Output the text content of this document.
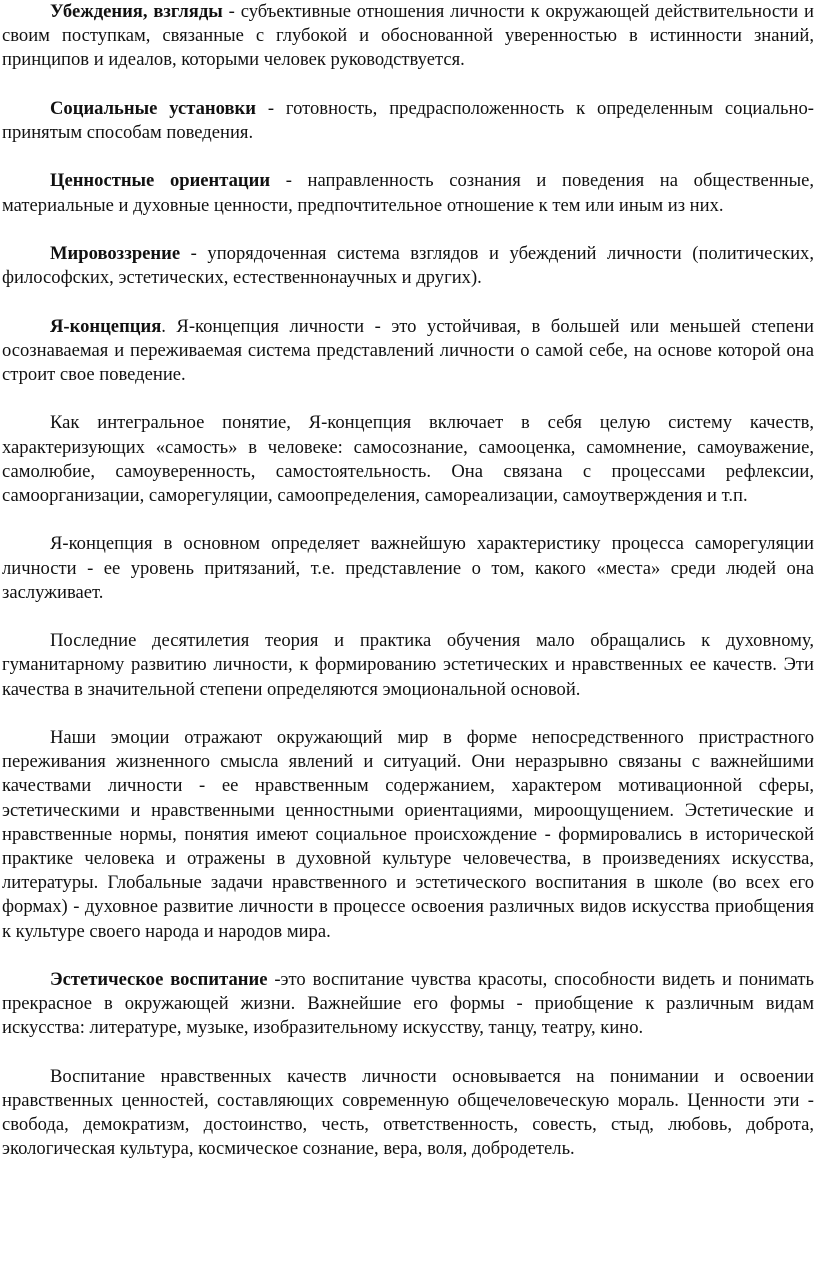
Убеждения, взгляды - субъективные отношения личности к окружающей действительности и своим поступкам, связанные с глубокой и обоснованной уверенностью в истинности знаний, принципов и идеалов, которыми человек руководствуется.

Социальные установки - готовность, предрасположенность к определенным социально-принятым способам поведения.

Ценностные ориентации - направленность сознания и поведения на общественные, материальные и духовные ценности, предпочтительное отношение к тем или иным из них.

Мировоззрение - упорядоченная система взглядов и убеждений личности (политических, философских, эстетических, естественнонаучных и других).

Я-концепция. Я-концепция личности - это устойчивая, в большей или меньшей степени осознаваемая и переживаемая система представлений личности о самой себе, на основе которой она строит свое поведение.

Как интегральное понятие, Я-концепция включает в себя целую систему качеств, характеризующих «самость» в человеке: самосознание, самооценка, самомнение, самоуважение, самолюбие, самоуверенность, самостоятельность. Она связана с процессами рефлексии, самоорганизации, саморегуляции, самоопределения, самореализации, самоутверждения и т.п.

Я-концепция в основном определяет важнейшую характеристику процесса саморегуляции личности - ее уровень притязаний, т.е. представление о том, какого «места» среди людей она заслуживает.

Последние десятилетия теория и практика обучения мало обращались к духовному, гуманитарному развитию личности, к формированию эстетических и нравственных ее качеств. Эти качества в значительной степени определяются эмоциональной основой.

Наши эмоции отражают окружающий мир в форме непосредственного пристрастного переживания жизненного смысла явлений и ситуаций. Они неразрывно связаны с важнейшими качествами личности - ее нравственным содержанием, характером мотивационной сферы, эстетическими и нравственными ценностными ориентациями, мироощущением. Эстетические и нравственные нормы, понятия имеют социальное происхождение - формировались в исторической практике человека и отражены в духовной культуре человечества, в произведениях искусства, литературы. Глобальные задачи нравственного и эстетического воспитания в школе (во всех его формах) - духовное развитие личности в процессе освоения различных видов искусства приобщения к культуре своего народа и народов мира.

Эстетическое воспитание -это воспитание чувства красоты, способности видеть и понимать прекрасное в окружающей жизни. Важнейшие его формы - приобщение к различным видам искусства: литературе, музыке, изобразительному искусству, танцу, театру, кино.

Воспитание нравственных качеств личности основывается на понимании и освоении нравственных ценностей, составляющих современную общечеловеческую мораль. Ценности эти - свобода, демократизм, достоинство, честь, ответственность, совесть, стыд, любовь, доброта, экологическая культура, космическое сознание, вера, воля, добродетель.
